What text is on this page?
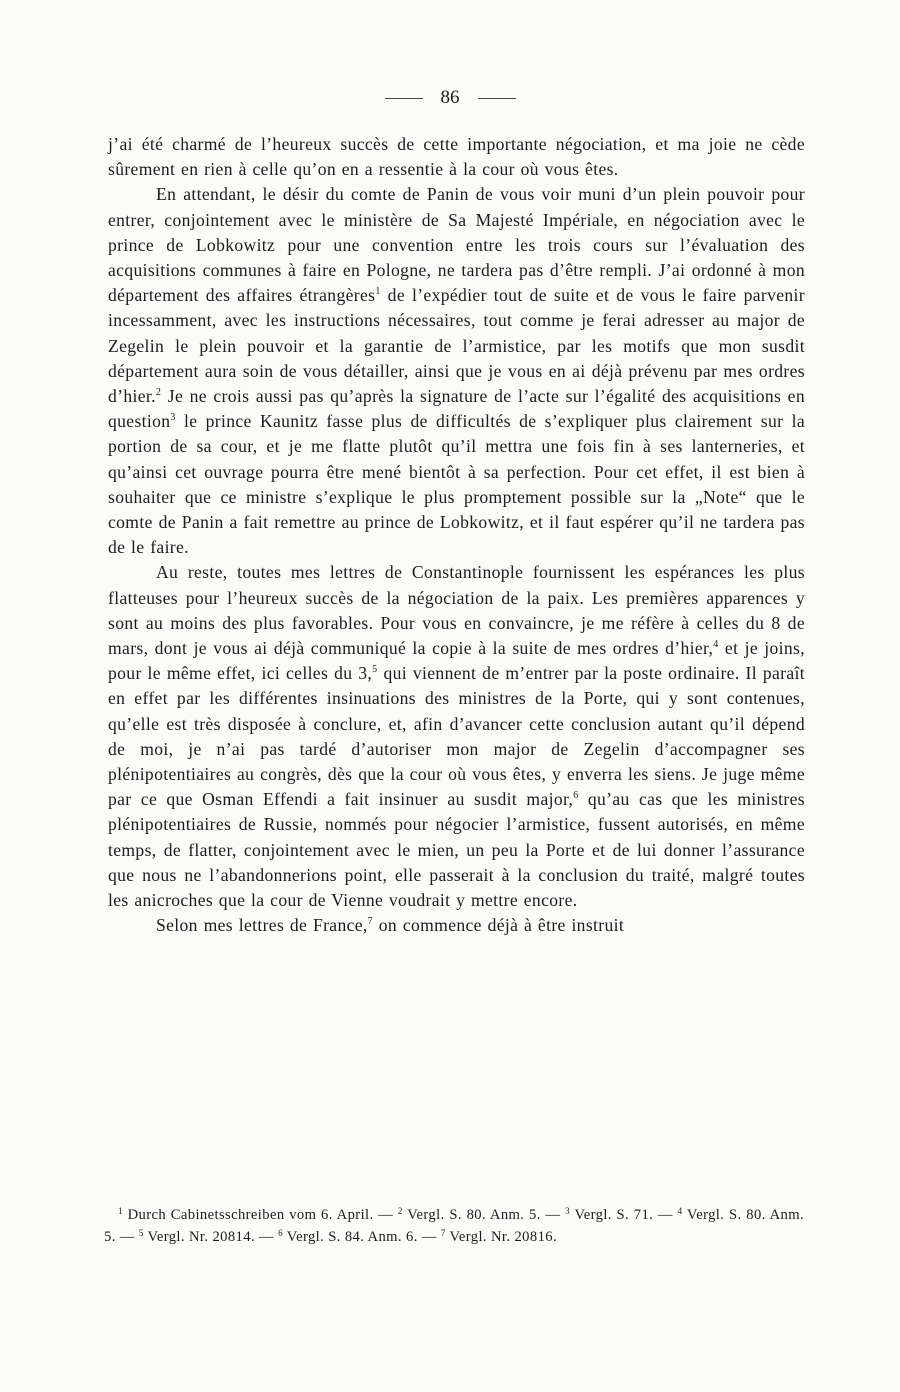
86

j’ai été charmé de l’heureux succès de cette importante négociation, et ma joie ne cède sûrement en rien à celle qu’on en a ressentie à la cour où vous êtes.

En attendant, le désir du comte de Panin de vous voir muni d’un plein pouvoir pour entrer, conjointement avec le ministère de Sa Majesté Impériale, en négociation avec le prince de Lobkowitz pour une convention entre les trois cours sur l’évaluation des acquisitions communes à faire en Pologne, ne tardera pas d’être rempli. J’ai ordonné à mon département des affaires étrangères$^1$ de l’expédier tout de suite et de vous le faire parvenir incessamment, avec les instructions nécessaires, tout comme je ferai adresser au major de Zegelin le plein pouvoir et la garantie de l’armistice, par les motifs que mon susdit département aura soin de vous détailler, ainsi que je vous en ai déjà prévenu par mes ordres d’hier.$^2$ Je ne crois aussi pas qu’après la signature de l’acte sur l’égalité des acquisitions en question$^3$ le prince Kaunitz fasse plus de difficultés de s’expliquer plus clairement sur la portion de sa cour, et je me flatte plutôt qu’il mettra une fois fin à ses lanterneries, et qu’ainsi cet ouvrage pourra être mené bientôt à sa perfection. Pour cet effet, il est bien à souhaiter que ce ministre s’explique le plus promptement possible sur la „Note“ que le comte de Panin a fait remettre au prince de Lobkowitz, et il faut espérer qu’il ne tardera pas de le faire.

Au reste, toutes mes lettres de Constantinople fournissent les espérances les plus flatteuses pour l’heureux succès de la négociation de la paix. Les premières apparences y sont au moins des plus favorables. Pour vous en convaincre, je me réfère à celles du 8 de mars, dont je vous ai déjà communiqué la copie à la suite de mes ordres d’hier,$^4$ et je joins, pour le même effet, ici celles du 3,$^5$ qui viennent de m’entrer par la poste ordinaire. Il paraît en effet par les différentes insinuations des ministres de la Porte, qui y sont contenues, qu’elle est très disposée à conclure, et, afin d’avancer cette conclusion autant qu’il dépend de moi, je n’ai pas tardé d’autoriser mon major de Zegelin d’accompagner ses plénipotentiaires au congrès, dès que la cour où vous êtes, y enverra les siens. Je juge même par ce que Osman Effendi a fait insinuer au susdit major,$^6$ qu’au cas que les ministres plénipotentiaires de Russie, nommés pour négocier l’armistice, fussent autorisés, en même temps, de flatter, conjointement avec le mien, un peu la Porte et de lui donner l’assurance que nous ne l’abandonnerions point, elle passerait à la conclusion du traité, malgré toutes les anicroches que la cour de Vienne voudrait y mettre encore.

Selon mes lettres de France,$^7$ on commence déjà à être instruit

$^1$ Durch Cabinetsschreiben vom 6. April. — $^2$ Vergl. S. 80. Anm. 5. — $^3$ Vergl. S. 71. — $^4$ Vergl. S. 80. Anm. 5. — $^5$ Vergl. Nr. 20814. — $^6$ Vergl. S. 84. Anm. 6. — $^7$ Vergl. Nr. 20816.
